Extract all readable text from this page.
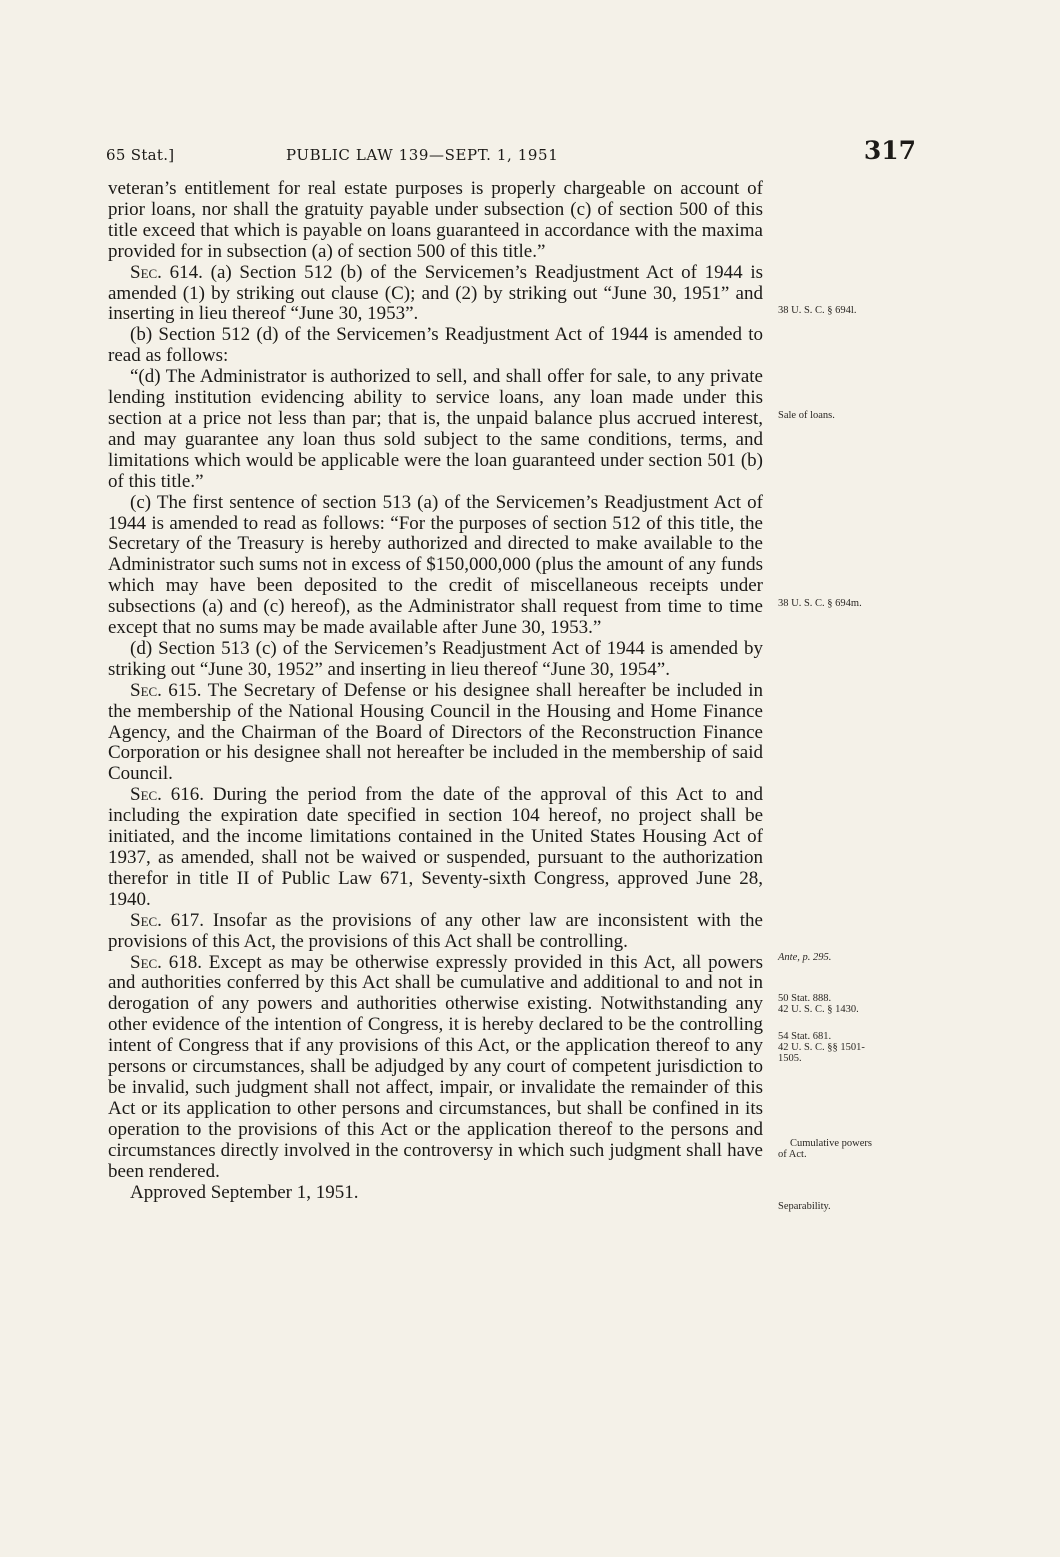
65 Stat.]	PUBLIC LAW 139—SEPT. 1, 1951	317

veteran’s entitlement for real estate purposes is properly chargeable on account of prior loans, nor shall the gratuity payable under subsection (c) of section 500 of this title exceed that which is payable on loans guaranteed in accordance with the maxima provided for in subsection (a) of section 500 of this title.”

Sec. 614. (a) Section 512 (b) of the Servicemen’s Readjustment Act of 1944 is amended (1) by striking out clause (C); and (2) by striking out “June 30, 1951” and inserting in lieu thereof “June 30, 1953”.

(b) Section 512 (d) of the Servicemen’s Readjustment Act of 1944 is amended to read as follows:

“(d) The Administrator is authorized to sell, and shall offer for sale, to any private lending institution evidencing ability to service loans, any loan made under this section at a price not less than par; that is, the unpaid balance plus accrued interest, and may guarantee any loan thus sold subject to the same conditions, terms, and limitations which would be applicable were the loan guaranteed under section 501 (b) of this title.”

(c) The first sentence of section 513 (a) of the Servicemen’s Readjustment Act of 1944 is amended to read as follows: “For the purposes of section 512 of this title, the Secretary of the Treasury is hereby authorized and directed to make available to the Administrator such sums not in excess of $150,000,000 (plus the amount of any funds which may have been deposited to the credit of miscellaneous receipts under subsections (a) and (c) hereof), as the Administrator shall request from time to time except that no sums may be made available after June 30, 1953.”

(d) Section 513 (c) of the Servicemen’s Readjustment Act of 1944 is amended by striking out “June 30, 1952” and inserting in lieu thereof “June 30, 1954”.

Sec. 615. The Secretary of Defense or his designee shall hereafter be included in the membership of the National Housing Council in the Housing and Home Finance Agency, and the Chairman of the Board of Directors of the Reconstruction Finance Corporation or his designee shall not hereafter be included in the membership of said Council.

Sec. 616. During the period from the date of the approval of this Act to and including the expiration date specified in section 104 hereof, no project shall be initiated, and the income limitations contained in the United States Housing Act of 1937, as amended, shall not be waived or suspended, pursuant to the authorization therefor in title II of Public Law 671, Seventy-sixth Congress, approved June 28, 1940.

Sec. 617. Insofar as the provisions of any other law are inconsistent with the provisions of this Act, the provisions of this Act shall be controlling.

Sec. 618. Except as may be otherwise expressly provided in this Act, all powers and authorities conferred by this Act shall be cumulative and additional to and not in derogation of any powers and authorities otherwise existing. Notwithstanding any other evidence of the intention of Congress, it is hereby declared to be the controlling intent of Congress that if any provisions of this Act, or the application thereof to any persons or circumstances, shall be adjudged by any court of competent jurisdiction to be invalid, such judgment shall not affect, impair, or invalidate the remainder of this Act or its application to other persons and circumstances, but shall be confined in its operation to the provisions of this Act or the application thereof to the persons and circumstances directly involved in the controversy in which such judgment shall have been rendered.

Approved September 1, 1951.

38 U. S. C. § 694l.
Sale of loans.
38 U. S. C. § 694m.
Ante, p. 295.
50 Stat. 888.
42 U. S. C. § 1430.
54 Stat. 681.
42 U. S. C. §§ 1501-
1505.
Cumulative powers
of Act.
Separability.
